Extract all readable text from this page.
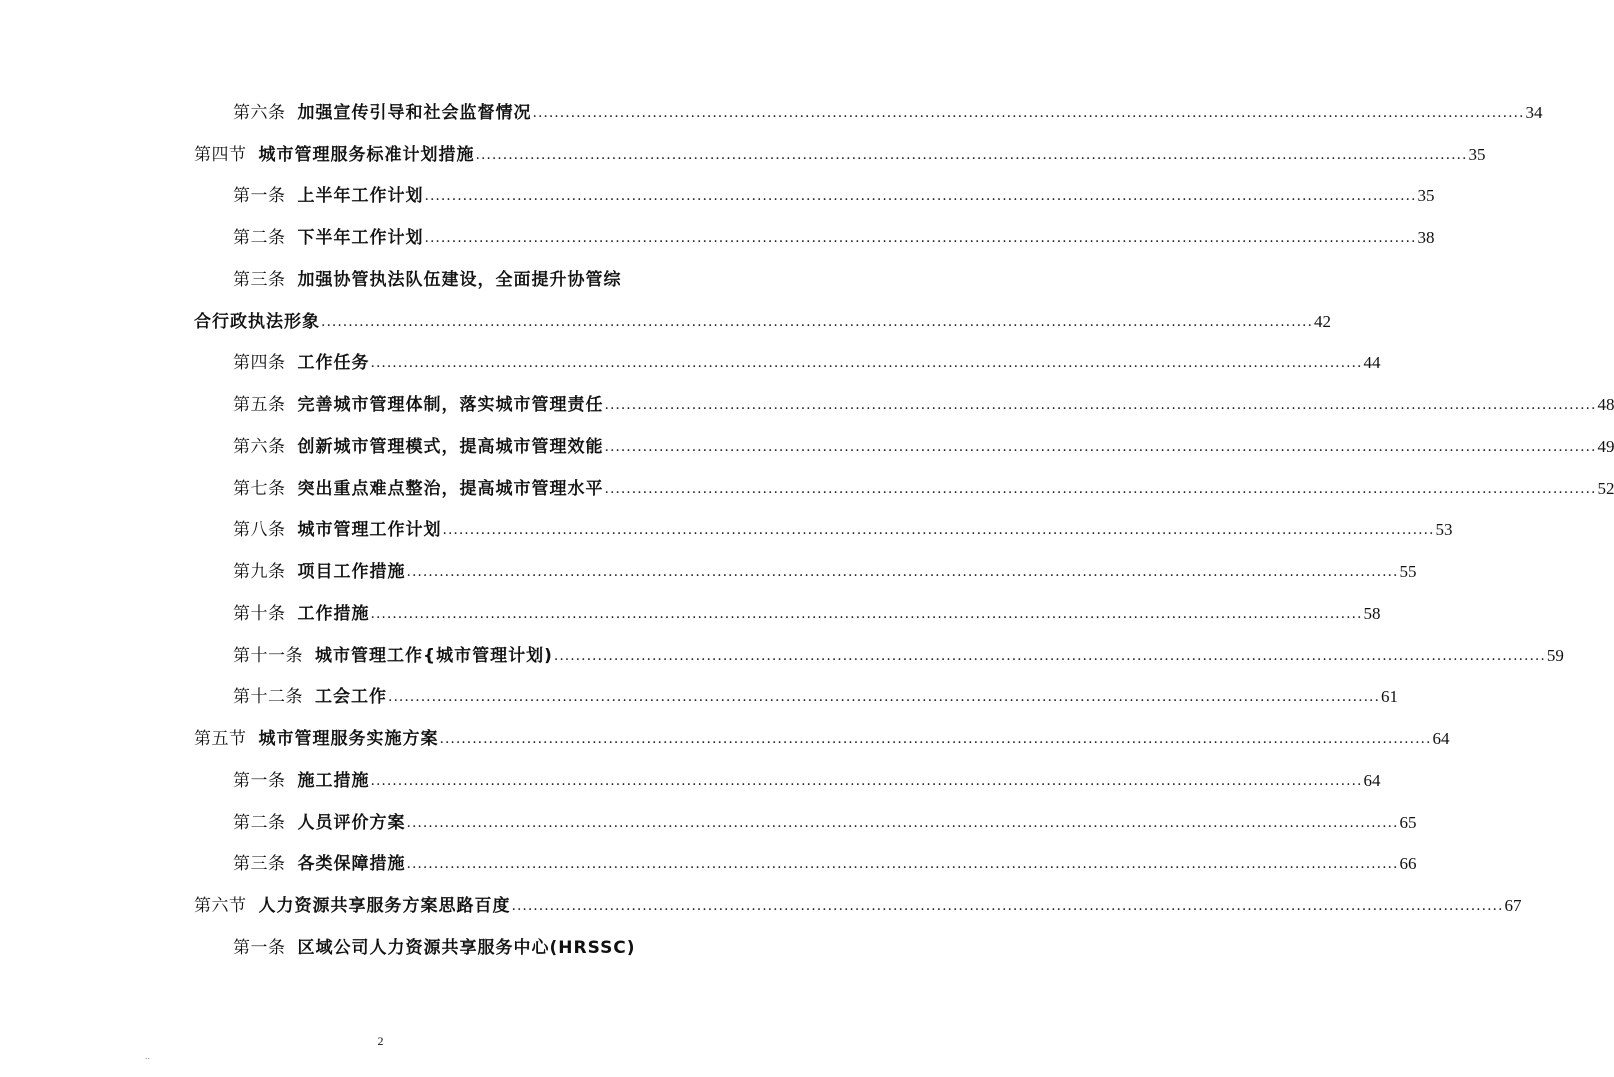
第六条 加强宣传引导和社会监督情况 .....	34
第四节 城市管理服务标准计划措施 .....	35
第一条 上半年工作计划 .....	35
第二条 下半年工作计划 .....	38
第三条 加强协管执法队伍建设，全面提升协管综
合行政执法形象 .....	42
第四条 工作任务 .....	44
第五条 完善城市管理体制，落实城市管理责任 .....	48
第六条 创新城市管理模式，提高城市管理效能 .....	49
第七条 突出重点难点整治，提高城市管理水平 .....	52
第八条 城市管理工作计划 .....	53
第九条 项目工作措施 .....	55
第十条 工作措施 .....	58
第十一条 城市管理工作{城市管理计划) .....	59
第十二条 工会工作 .....	61
第五节 城市管理服务实施方案 .....	64
第一条 施工措施 .....	64
第二条 人员评价方案 .....	65
第三条 各类保障措施 .....	66
第六节 人力资源共享服务方案思路百度 .....	67
第一条 区域公司人力资源共享服务中心(HRSSC)
2
..
